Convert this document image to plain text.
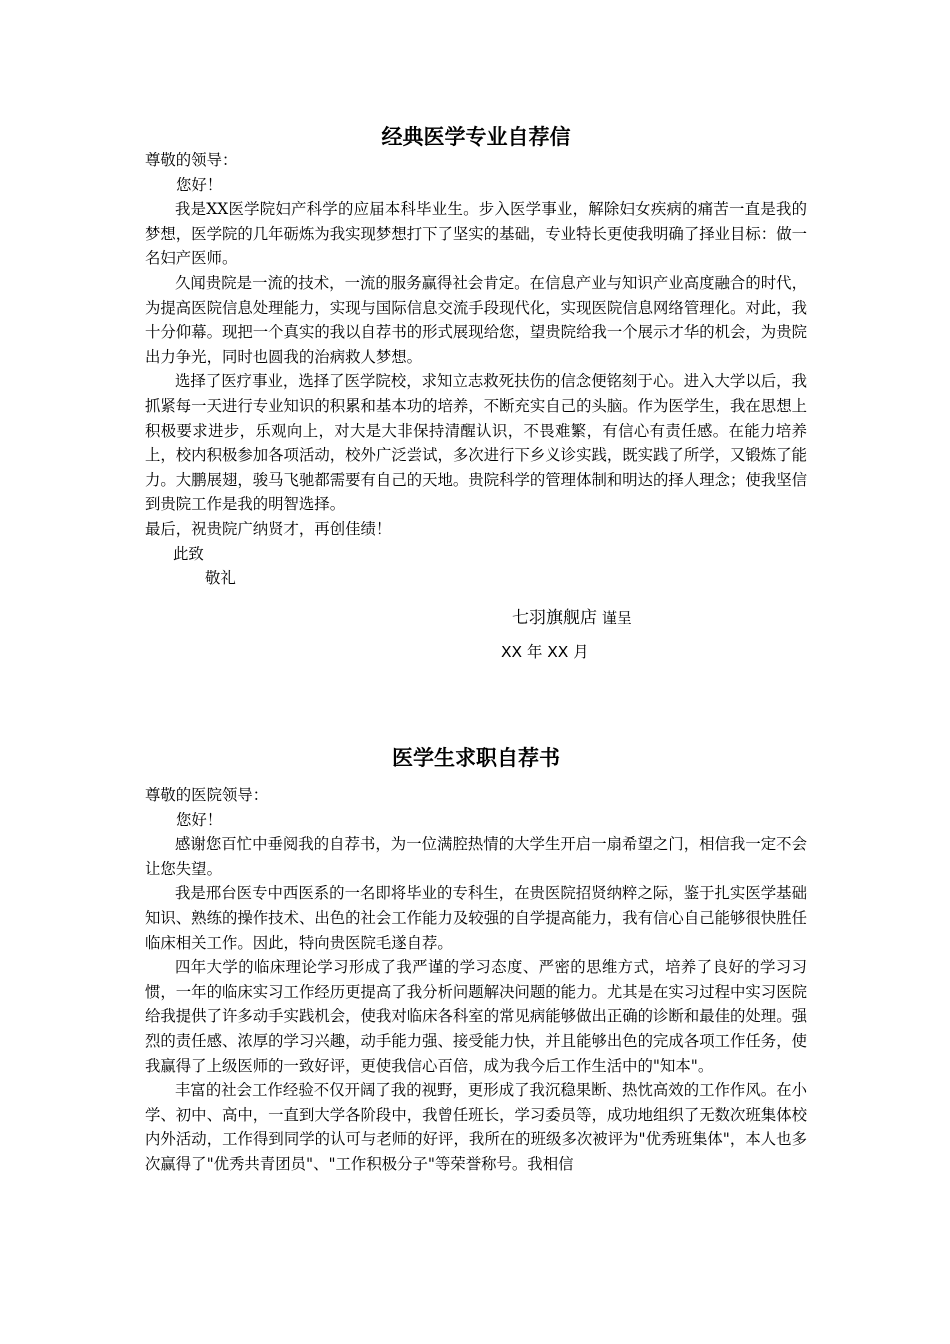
经典医学专业自荐信

尊敬的领导：

您好！

我是XX医学院妇产科学的应届本科毕业生。步入医学事业，解除妇女疾病的痛苦一直是我的梦想，医学院的几年砺炼为我实现梦想打下了坚实的基础，专业特长更使我明确了择业目标：做一名妇产医师。

久闻贵院是一流的技术，一流的服务赢得社会肯定。在信息产业与知识产业高度融合的时代，为提高医院信息处理能力，实现与国际信息交流手段现代化，实现医院信息网络管理化。对此，我十分仰幕。现把一个真实的我以自荐书的形式展现给您，望贵院给我一个展示才华的机会，为贵院出力争光，同时也圆我的治病救人梦想。

选择了医疗事业，选择了医学院校，求知立志救死扶伤的信念便铭刻于心。进入大学以后，我抓紧每一天进行专业知识的积累和基本功的培养，不断充实自己的头脑。作为医学生，我在思想上积极要求进步，乐观向上，对大是大非保持清醒认识，不畏难繁，有信心有责任感。在能力培养上，校内积极参加各项活动，校外广泛尝试，多次进行下乡义诊实践，既实践了所学，又锻炼了能力。大鹏展翅，骏马飞驰都需要有自己的天地。贵院科学的管理体制和明达的择人理念；使我坚信到贵院工作是我的明智选择。

最后，祝贵院广纳贤才，再创佳绩！

此致

敬礼

七羽旗舰店 谨呈

XX 年 XX 月

医学生求职自荐书

尊敬的医院领导：

您好！

感谢您百忙中垂阅我的自荐书，为一位满腔热情的大学生开启一扇希望之门，相信我一定不会让您失望。

我是邢台医专中西医系的一名即将毕业的专科生，在贵医院招贤纳粹之际，鉴于扎实医学基础知识、熟练的操作技术、出色的社会工作能力及较强的自学提高能力，我有信心自己能够很快胜任临床相关工作。因此，特向贵医院毛遂自荐。

四年大学的临床理论学习形成了我严谨的学习态度、严密的思维方式，培养了良好的学习习惯，一年的临床实习工作经历更提高了我分析问题解决问题的能力。尤其是在实习过程中实习医院给我提供了许多动手实践机会，使我对临床各科室的常见病能够做出正确的诊断和最佳的处理。强烈的责任感、浓厚的学习兴趣，动手能力强、接受能力快，并且能够出色的完成各项工作任务，使我赢得了上级医师的一致好评，更使我信心百倍，成为我今后工作生活中的"知本"。

丰富的社会工作经验不仅开阔了我的视野，更形成了我沉稳果断、热忱高效的工作作风。在小学、初中、高中，一直到大学各阶段中，我曾任班长，学习委员等，成功地组织了无数次班集体校内外活动，工作得到同学的认可与老师的好评，我所在的班级多次被评为"优秀班集体"，本人也多次赢得了"优秀共青团员"、"工作积极分子"等荣誉称号。我相信
